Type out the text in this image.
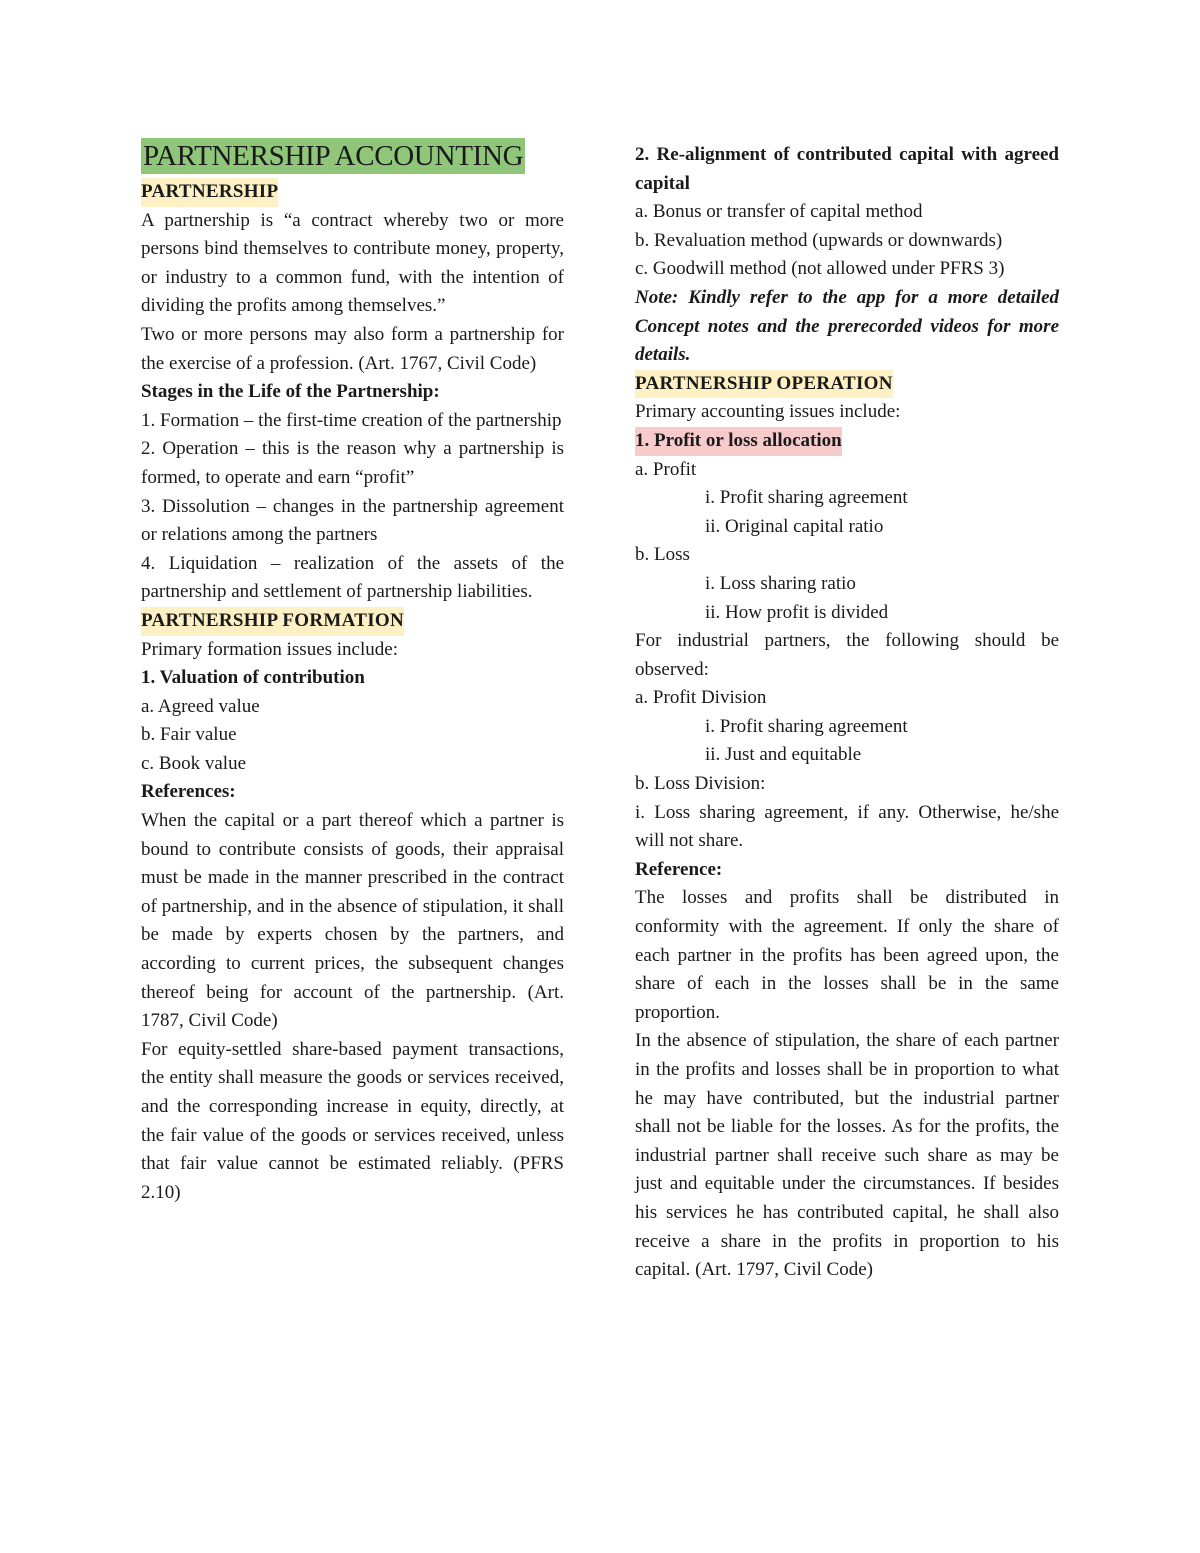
PARTNERSHIP ACCOUNTING

PARTNERSHIP

A partnership is “a contract whereby two or more persons bind themselves to contribute money, property, or industry to a common fund, with the intention of dividing the profits among themselves.”

Two or more persons may also form a partnership for the exercise of a profession. (Art. 1767, Civil Code)

Stages in the Life of the Partnership:

1. Formation – the first-time creation of the partnership

2. Operation – this is the reason why a partnership is formed, to operate and earn “profit”

3. Dissolution – changes in the partnership agreement or relations among the partners

4. Liquidation – realization of the assets of the partnership and settlement of partnership liabilities.

PARTNERSHIP FORMATION

Primary formation issues include:

1. Valuation of contribution

a. Agreed value

b. Fair value

c. Book value

References:

When the capital or a part thereof which a partner is bound to contribute consists of goods, their appraisal must be made in the manner prescribed in the contract of partnership, and in the absence of stipulation, it shall be made by experts chosen by the partners, and according to current prices, the subsequent changes thereof being for account of the partnership. (Art. 1787, Civil Code)

For equity‑settled share‑based payment transactions, the entity shall measure the goods or services received, and the corresponding increase in equity, directly, at the fair value of the goods or services received, unless that fair value cannot be estimated reliably. (PFRS 2.10)

2. Re-alignment of contributed capital with agreed capital

a. Bonus or transfer of capital method

b. Revaluation method (upwards or downwards)

c. Goodwill method (not allowed under PFRS 3)

Note: Kindly refer to the app for a more detailed Concept notes and the prerecorded videos for more details.

PARTNERSHIP OPERATION

Primary accounting issues include:

1. Profit or loss allocation

a. Profit

i. Profit sharing agreement

ii. Original capital ratio

b. Loss

i. Loss sharing ratio

ii. How profit is divided

For industrial partners, the following should be observed:

a. Profit Division

i. Profit sharing agreement

ii. Just and equitable

b. Loss Division:

i. Loss sharing agreement, if any. Otherwise, he/she will not share.

Reference:

The losses and profits shall be distributed in conformity with the agreement. If only the share of each partner in the profits has been agreed upon, the share of each in the losses shall be in the same proportion.

In the absence of stipulation, the share of each partner in the profits and losses shall be in proportion to what he may have contributed, but the industrial partner shall not be liable for the losses. As for the profits, the industrial partner shall receive such share as may be just and equitable under the circumstances. If besides his services he has contributed capital, he shall also receive a share in the profits in proportion to his capital. (Art. 1797, Civil Code)
